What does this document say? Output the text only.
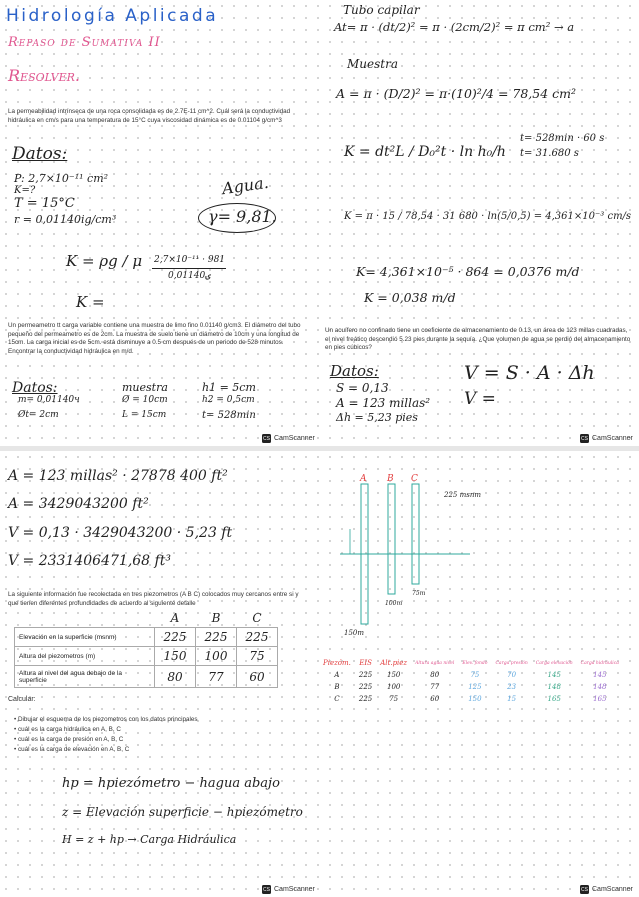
Hidrología Aplicada
Repaso de Sumativa II
Resolver.
La permeabilidad intrínseca de una roca consolidada es de 2.7E-11 cm^2. Cuál será la conductividad hidráulica en cm/s para una temperatura de 15°C cuya viscosidad dinámica es de 0.01104 g/cm^3
Datos:
P: 2,7×10⁻¹¹ cm²
K=?
T = 15°C
r = 0,01140ig/cm³
Agua.
γ= 9,81.
K = ρg / μ 2,7×10⁻¹¹ · 981
0,01140ۍ
K =
Un permeametro tt carga variable contiene una muestra de limo fino 0.01140 g/cm3. El diámetro del tubo pequeño del permeametro es de 2cm. La muestra de suelo tiene un diámetro de 10cm y una longitud de 15cm. La carga inicial es de 5cm. está disminuye a 0.5 cm después de un periodo de 528 minutos. Encontrar la conductividad hidráulica en m/d.
Datos:
m= 0,01140ч
Øt= 2cm
muestra
Ø = 10cm
L = 15cm
h1 = 5cm
h2 = 0,5cm
t= 528min
Tubo capilar
At= π · (dt/2)² = π · (2cm/2)² = π cm² → a
Muestra
A = π · (D/2)² = π·(10)²/4 = 78,54 cm²
K = dt²L / D₀²t · ln h₀/h
t= 528min · 60 s
t= 31.680 s
K = π · 15 / 78,54 · 31 680 · ln(5/0,5) = 4,361×10⁻³ cm/s
K= 4,361×10⁻⁵ · 864 = 0,0376 m/d
K = 0,038 m/d
Un acuífero no confinado tiene un coeficiente de almacenamiento de 0.13, un área de 123 millas cuadradas, el nivel freático descendió 5.23 pies durante la sequía. ¿Que volumen de agua se perdió del almacenamiento en pies cúbicos?
Datos:
S = 0,13
A = 123 millas²
Δh = 5,23 pies
V = S · A · Δh
V =
CS CamScanner	CS CamScanner
A = 123 millas² · 27878 400 ft²
A = 3429043200 ft²
V = 0,13 · 3429043200 · 5,23 ft
V = 2331406471,68 ft³
A B C
225 msnm
100m
75m
150m
La siguiente información fue recolectada en tres piezometros (A B C) colocados muy cercanos entre si y que tienen diferentes profundidades de acuerdo al siguiente detalle
	A	B	C
Elevación en la superficie (msnm)	225	225	225
Altura del piezometros (m)	150	100	75
Altura al nivel del agua debajo de la superficie	80	77	60
Piezóm.	EIS	Alt.piez	Altura agua nivel	Elev. fondo	Carga presión	Carga elevación	Carga hidráulica
A	225	150	80	75	70	145	145
B	225	100	77	125	23	148	148
C	225	75	60	150	15	165	165
Calcular:
• Dibujar el esquema de los piezometros con los datos principales
• cuál es la carga hidráulica en A, B, C
• cuál es la carga de presión en A, B, C
• cuál es la carga de elevación en A, B, C
hp = hpiezómetro − hagua abajo
z = Elevación superficie − hpiezómetro
H = z + hp → Carga Hidráulica
CS CamScanner	CS CamScanner
